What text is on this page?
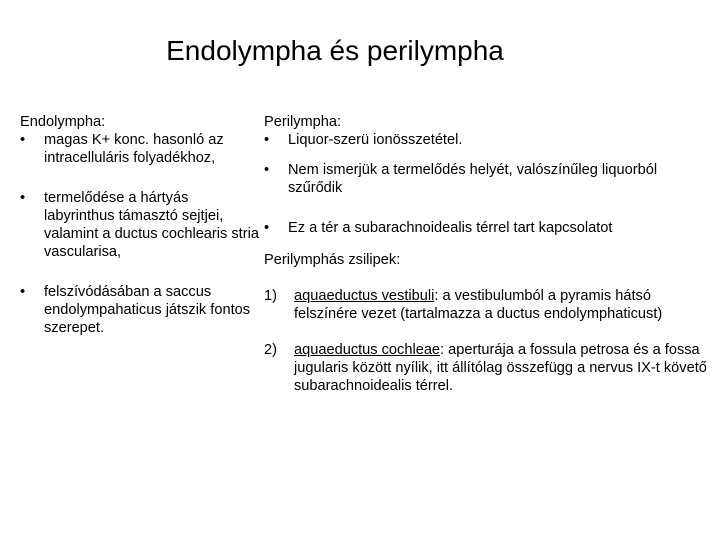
Endolympha és perilympha

Endolympha:

• magas K+ konc. hasonló az intracelluláris folyadékhoz,

• termelődése a hártyás labyrinthus támasztó sejtjei, valamint a ductus cochlearis stria vascularisa,

• felszívódásában a saccus endolympahaticus játszik fontos szerepet.

Perilympha:

• Liquor-szerü ionösszetétel.

• Nem ismerjük a termelődés helyét, valószínűleg liquorból szűrődik

• Ez a tér a subarachnoidealis térrel tart kapcsolatot

Perilymphás zsilipek:

1) aquaeductus vestibuli: a vestibulumból a pyramis hátsó felszínére vezet (tartalmazza a ductus endolymphaticust)

2) aquaeductus cochleae: aperturája a fossula petrosa és a fossa jugularis között nyílik, itt állítólag összefügg a nervus IX-t követő subarachnoidealis térrel.
